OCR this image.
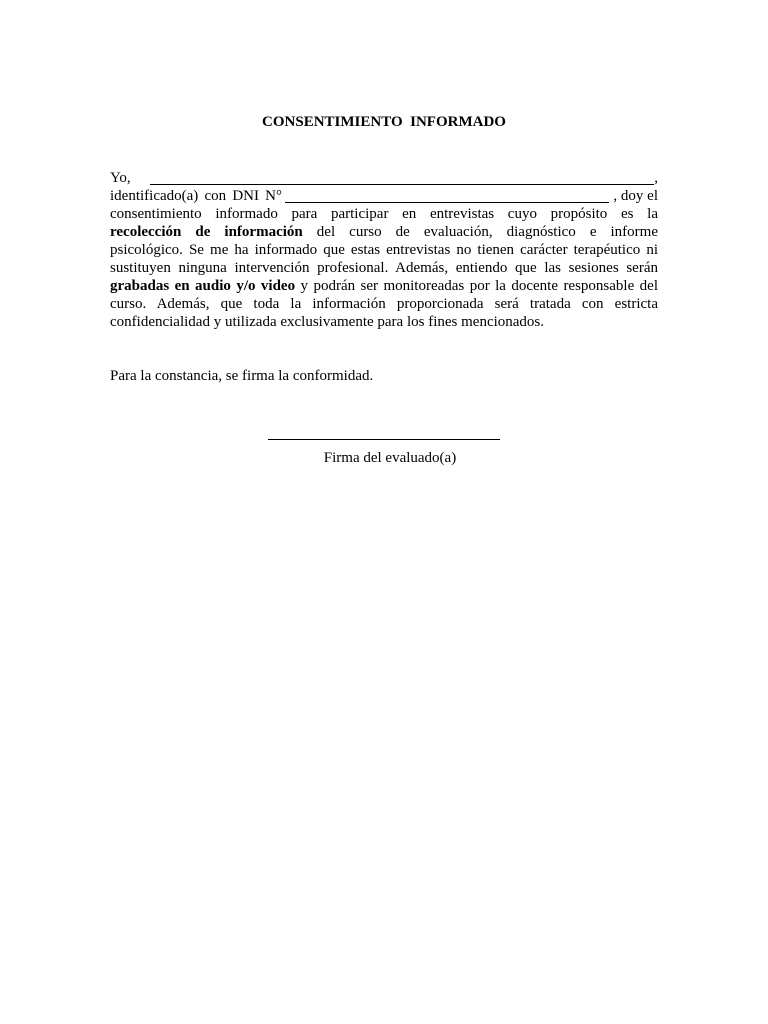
CONSENTIMIENTO  INFORMADO
Yo,	,
identificado(a) con DNI N°	, doy el
consentimiento informado para participar en entrevistas cuyo propósito es la
recolección de información del curso de evaluación, diagnóstico e informe
psicológico. Se me ha informado que estas entrevistas no tienen carácter terapéutico ni
sustituyen ninguna intervención profesional. Además, entiendo que las sesiones serán
grabadas en audio y/o video y podrán ser monitoreadas por la docente responsable del
curso. Además, que toda la información proporcionada será tratada con estricta
confidencialidad y utilizada exclusivamente para los fines mencionados.
Para la constancia, se firma la conformidad.
Firma del evaluado(a)
